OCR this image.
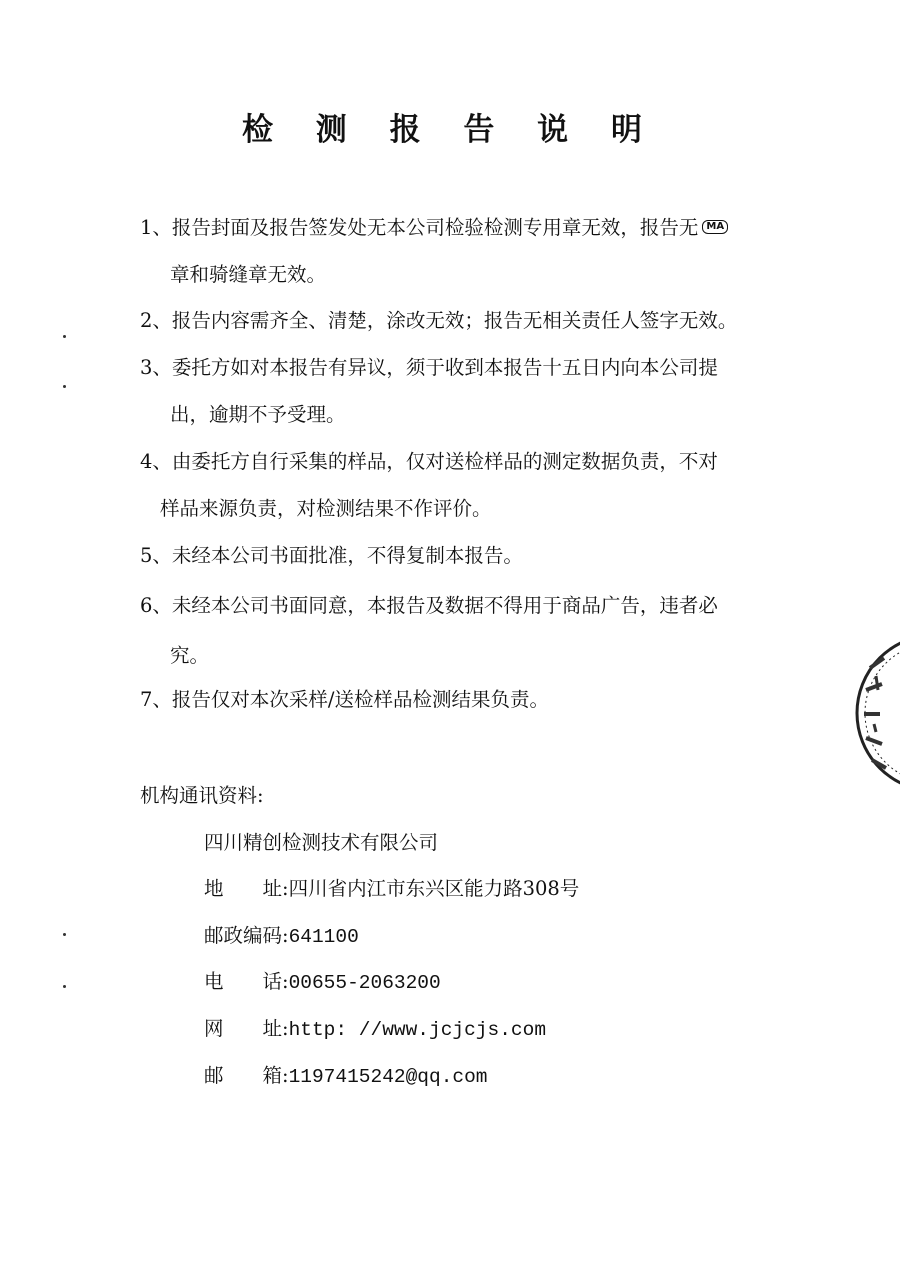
检 测 报 告 说 明
1、报告封面及报告签发处无本公司检验检测专用章无效，报告无 MA
章和骑缝章无效。
2、报告内容需齐全、清楚，涂改无效；报告无相关责任人签字无效。
3、委托方如对本报告有异议，须于收到本报告十五日内向本公司提
出，逾期不予受理。
4、由委托方自行采集的样品，仅对送检样品的测定数据负责，不对
样品来源负责，对检测结果不作评价。
5、未经本公司书面批准，不得复制本报告。
6、未经本公司书面同意，本报告及数据不得用于商品广告，违者必
究。
7、报告仅对本次采样/送检样品检测结果负责。
机构通讯资料:
四川精创检测技术有限公司
地　　址:四川省内江市东兴区能力路308号
邮政编码:641100
电　　话:00655-2063200
网　　址:http: //www.jcjcjs.com
邮　　箱:1197415242@qq.com
